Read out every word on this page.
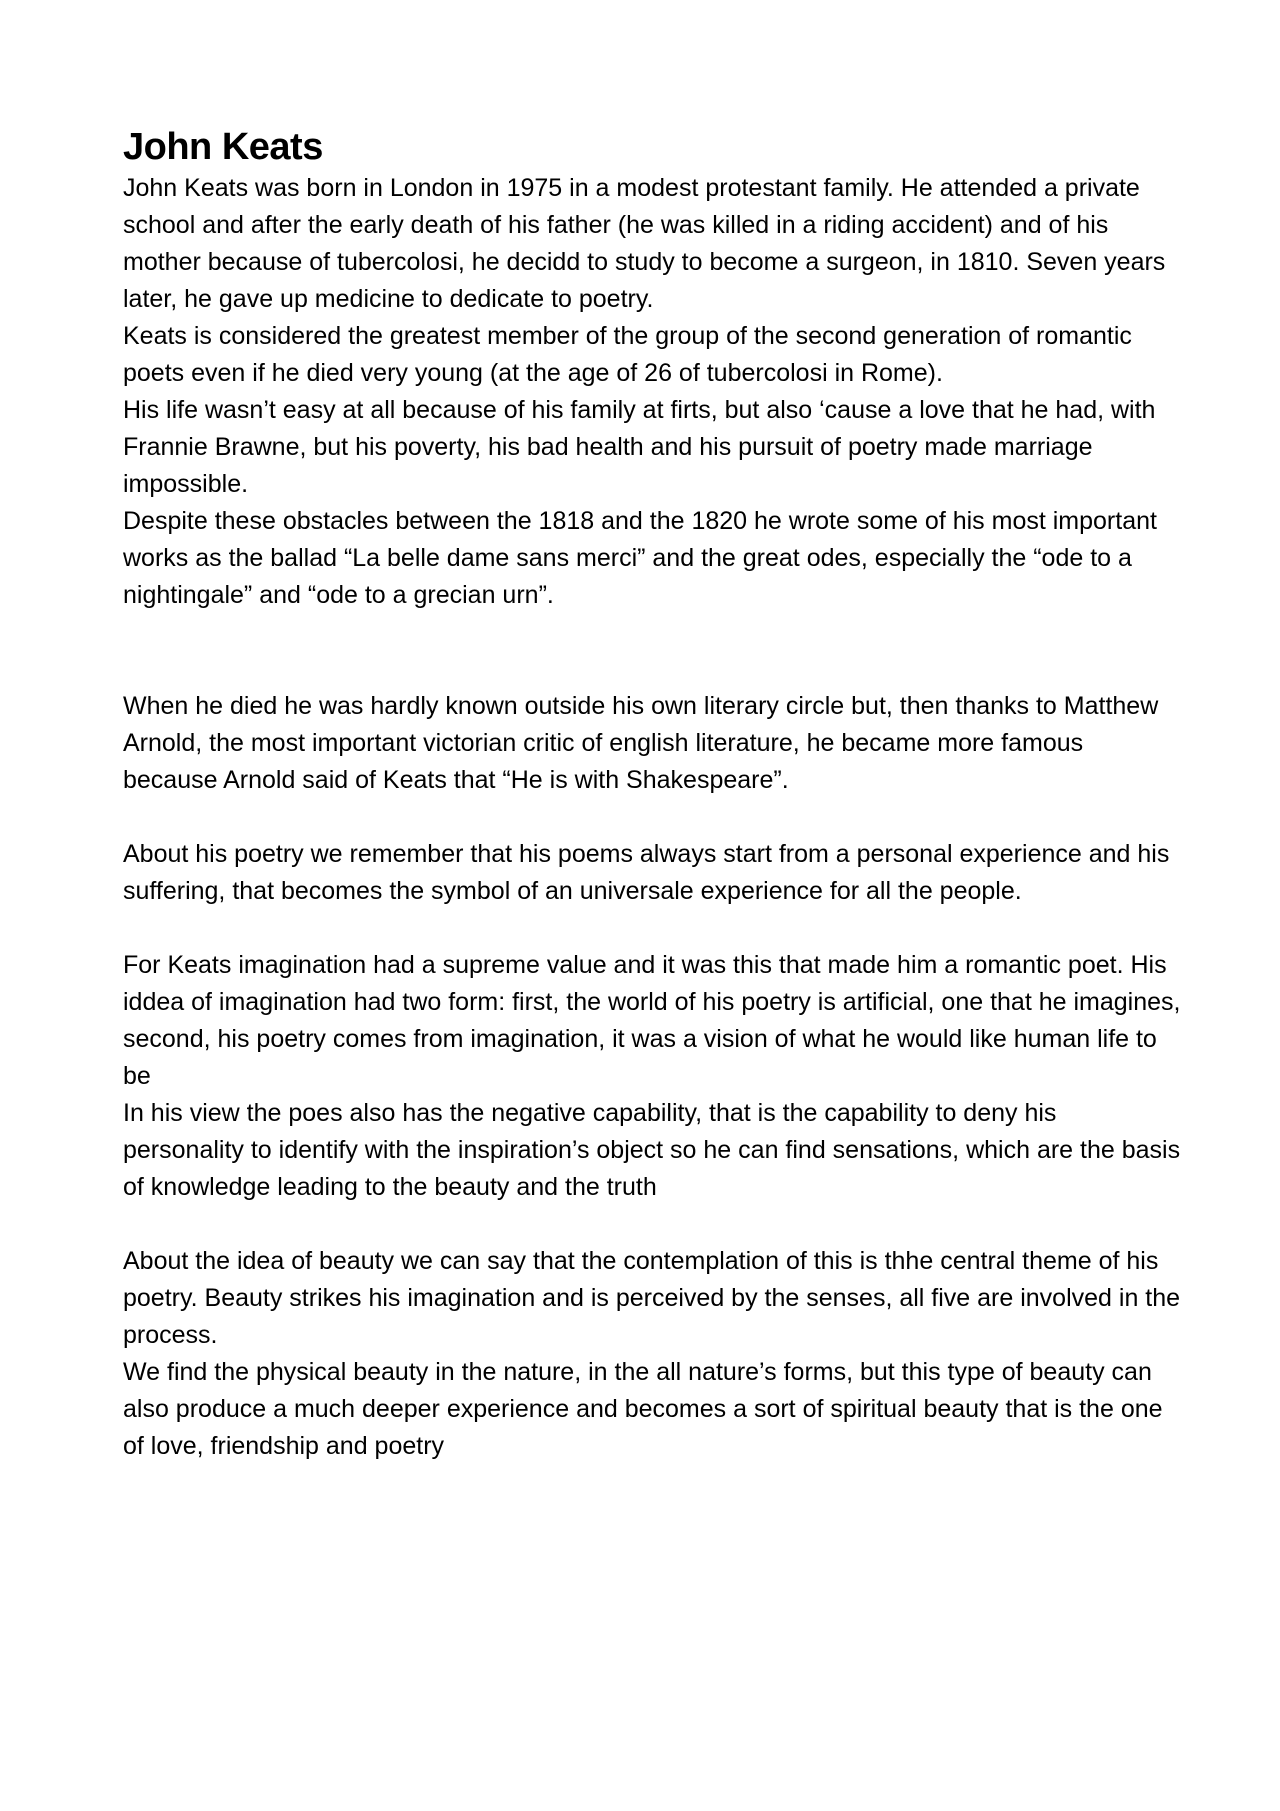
John Keats

John Keats was born in London in 1975 in a modest protestant family. He attended a private school and after the early death of his father (he was killed in a riding accident) and of his mother because of tubercolosi, he decidd to study to become a surgeon, in 1810. Seven years later, he gave up medicine to dedicate to poetry.

Keats is considered the greatest member of the group of the second generation of romantic poets even if he died very young (at the age of 26 of tubercolosi in Rome).

His life wasn’t easy at all because of his family at firts, but also ‘cause a love that he had, with Frannie Brawne, but his poverty, his bad health and his pursuit of poetry made marriage impossible.

Despite these obstacles between the 1818 and the 1820 he wrote some of his most important works as the ballad “La belle dame sans merci” and the great odes, especially the “ode to a nightingale” and “ode to a grecian urn”.

When he died he was hardly known outside his own literary circle but, then thanks to Matthew Arnold, the most important victorian critic of english literature, he became more famous because Arnold said of Keats that “He is with Shakespeare”.

About his poetry we remember that his poems always start from a personal experience and his suffering, that becomes the symbol of an universale experience for all the people.

For Keats imagination had a supreme value and it was this that made him a romantic poet. His iddea of imagination had two form: first, the world of his poetry is artificial, one that he imagines, second, his poetry comes from imagination, it was a vision of what he would like human life to be

In his view the poes also has the negative capability, that is the capability to deny his personality to identify with the inspiration’s object so he can find sensations, which are the basis of knowledge leading to the beauty and the truth

About the idea of beauty we can say that the contemplation of this is thhe central theme of his poetry. Beauty strikes his imagination and is perceived by the senses, all five are involved in the process.

We find the physical beauty in the nature, in the all nature’s forms, but this type of beauty can also produce a much deeper experience and becomes a sort of spiritual beauty that is the one of love, friendship and poetry
